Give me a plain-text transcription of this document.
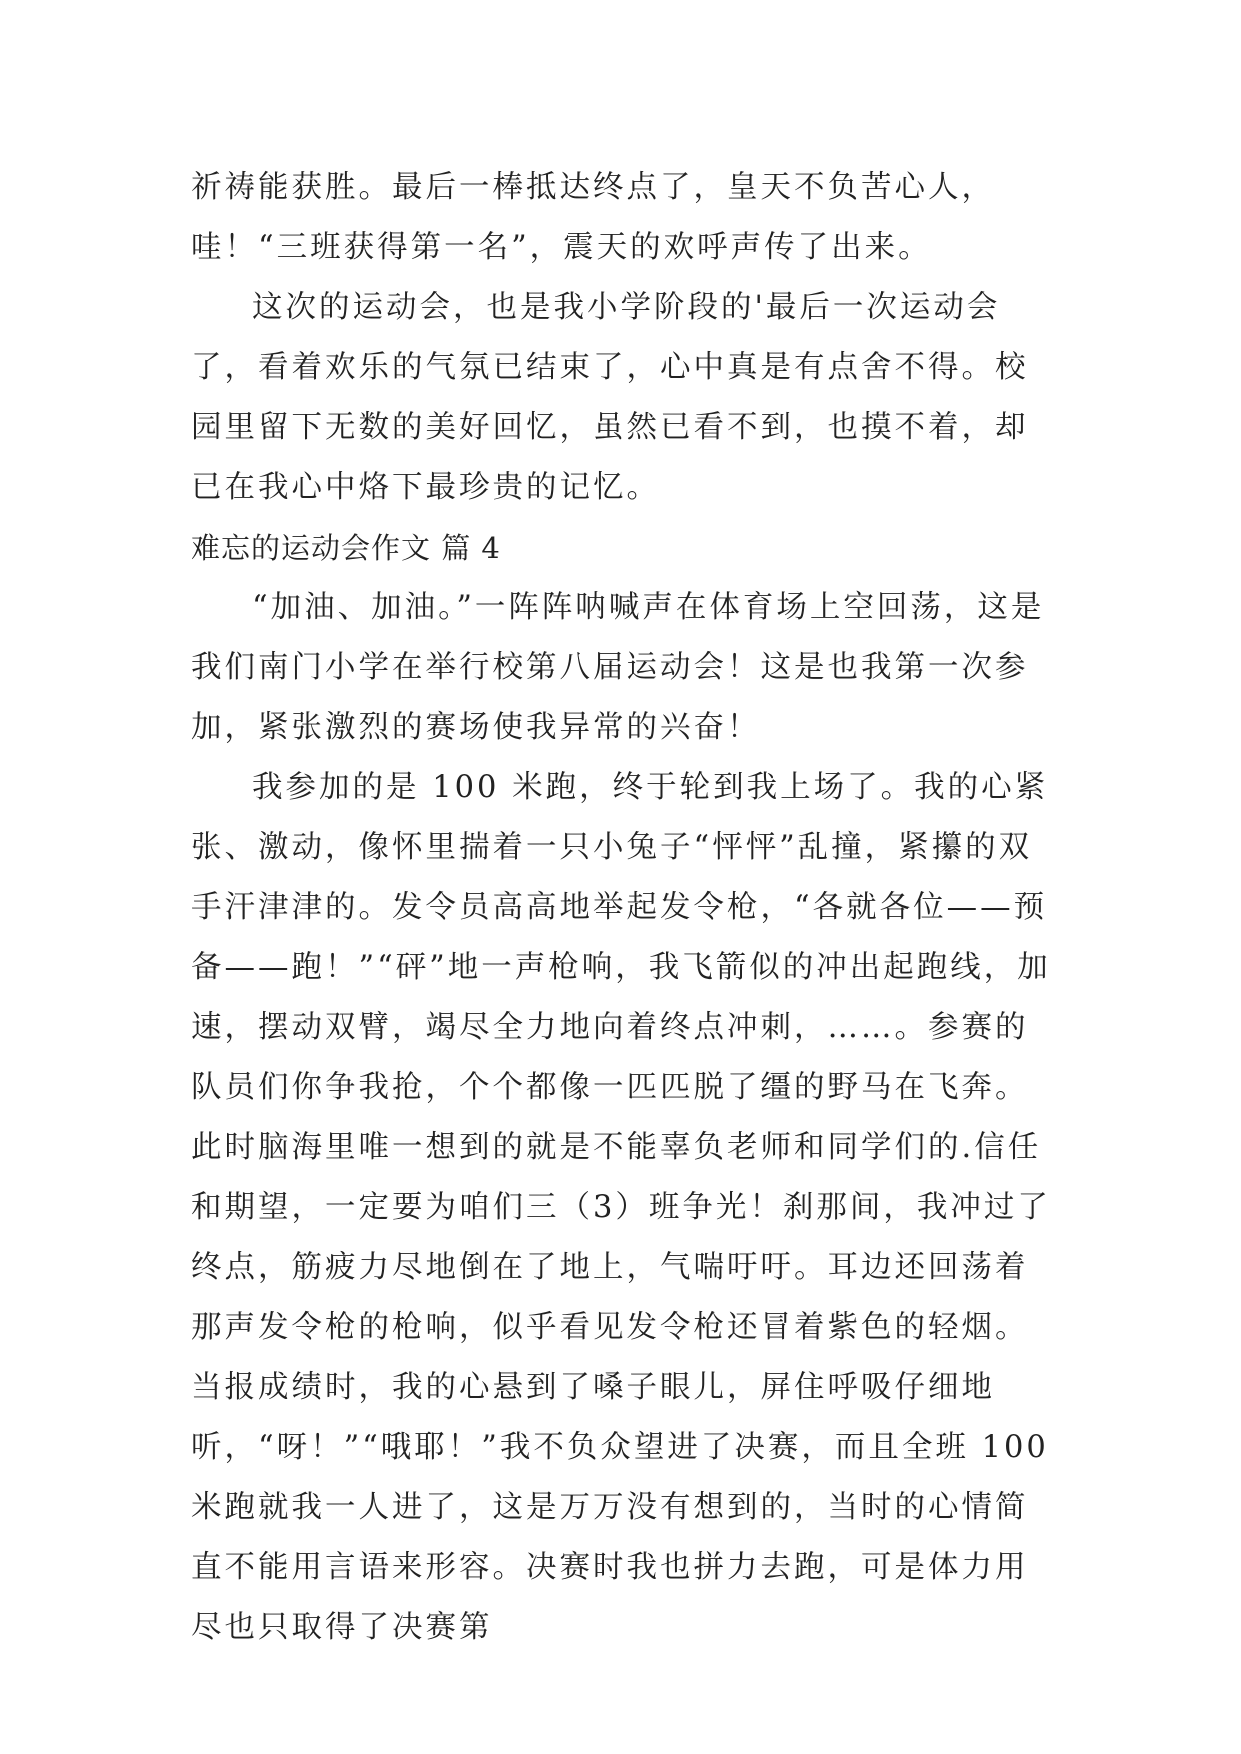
祈祷能获胜。最后一棒抵达终点了，皇天不负苦心人，哇！“三班获得第一名”，震天的欢呼声传了出来。

这次的运动会，也是我小学阶段的'最后一次运动会了，看着欢乐的气氛已结束了，心中真是有点舍不得。校园里留下无数的美好回忆，虽然已看不到，也摸不着，却已在我心中烙下最珍贵的记忆。

难忘的运动会作文 篇 4

“加油、加油。”一阵阵呐喊声在体育场上空回荡，这是我们南门小学在举行校第八届运动会！这是也我第一次参加，紧张激烈的赛场使我异常的兴奋！

我参加的是 100 米跑，终于轮到我上场了。我的心紧张、激动，像怀里揣着一只小兔子“怦怦”乱撞，紧攥的双手汗津津的。发令员高高地举起发令枪，“各就各位——预备——跑！”“砰”地一声枪响，我飞箭似的冲出起跑线，加速，摆动双臂，竭尽全力地向着终点冲刺，……。参赛的队员们你争我抢，个个都像一匹匹脱了缰的野马在飞奔。此时脑海里唯一想到的就是不能辜负老师和同学们的.信任和期望，一定要为咱们三（3）班争光！刹那间，我冲过了终点，筋疲力尽地倒在了地上，气喘吁吁。耳边还回荡着那声发令枪的枪响，似乎看见发令枪还冒着紫色的轻烟。当报成绩时，我的心悬到了嗓子眼儿，屏住呼吸仔细地听，“呀！”“哦耶！”我不负众望进了决赛，而且全班 100 米跑就我一人进了，这是万万没有想到的，当时的心情简直不能用言语来形容。决赛时我也拼力去跑，可是体力用尽也只取得了决赛第
